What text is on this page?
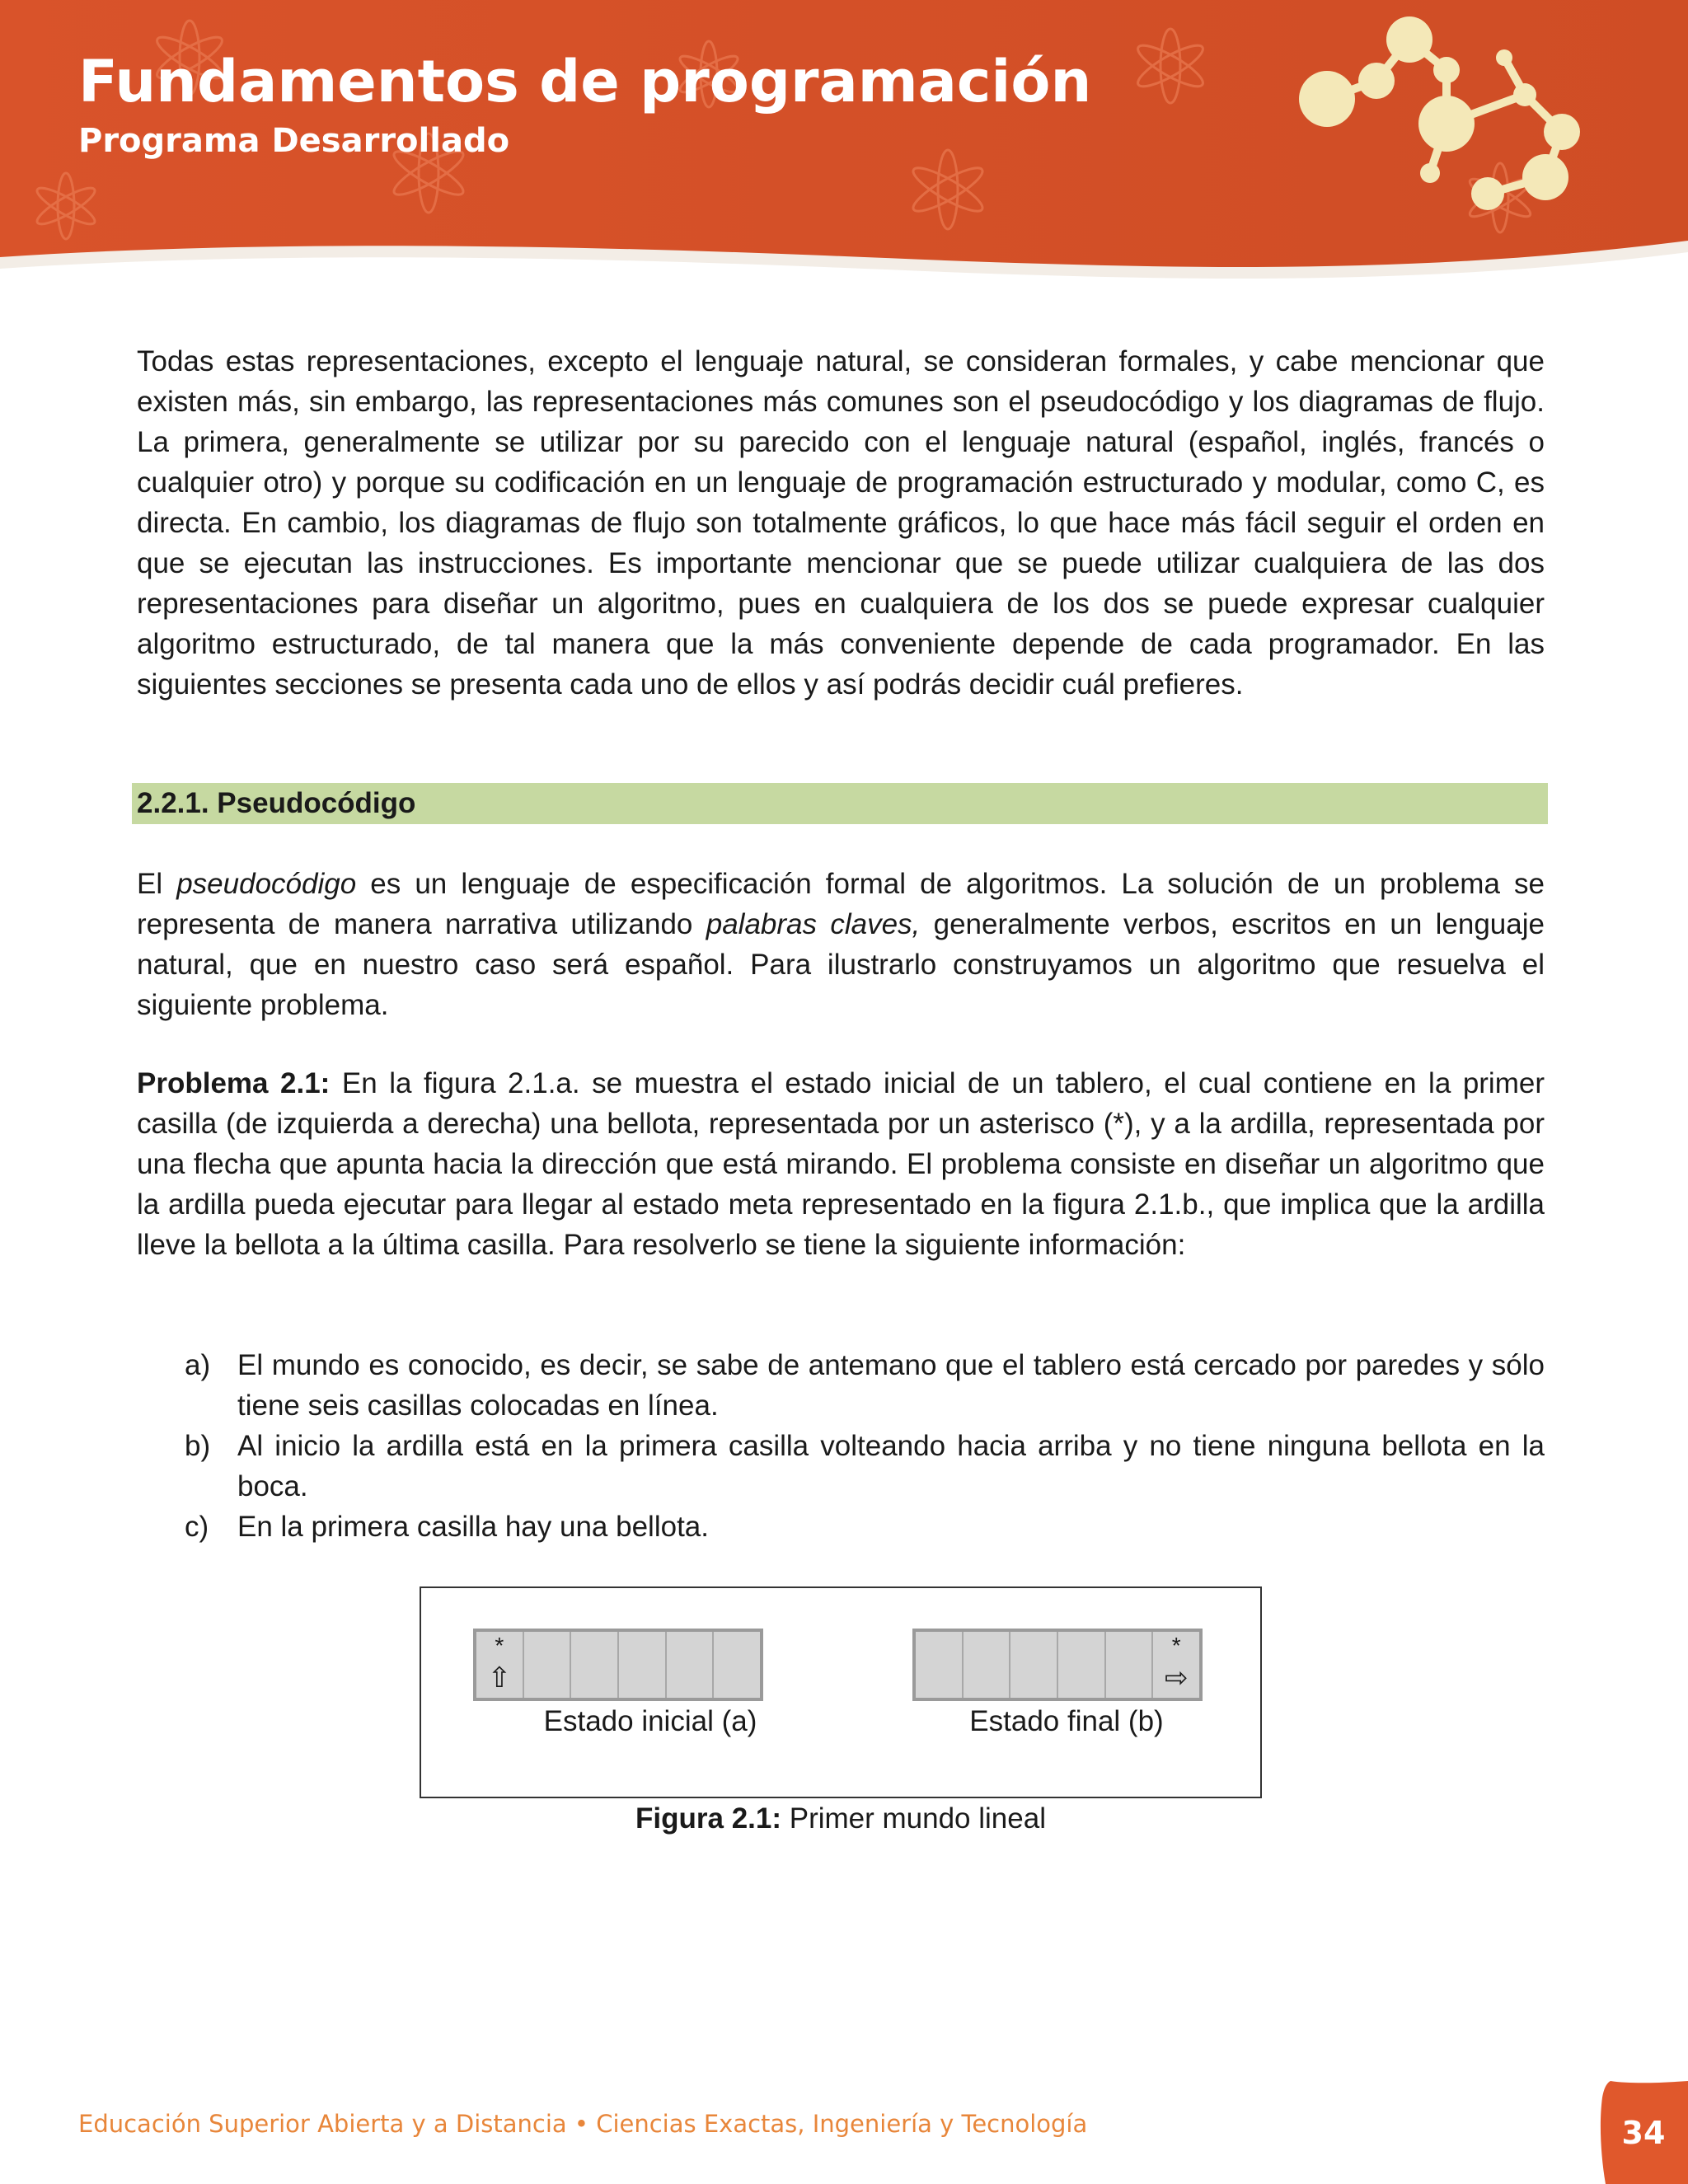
Fundamentos de programación
Programa Desarrollado

Todas estas representaciones, excepto el lenguaje natural, se consideran formales, y cabe mencionar que existen más, sin embargo, las representaciones más comunes son el pseudocódigo y los diagramas de flujo. La primera, generalmente se utilizar por su parecido con el lenguaje natural (español, inglés, francés o cualquier otro) y porque su codificación en un lenguaje de programación estructurado y modular, como C, es directa. En cambio, los diagramas de flujo son totalmente gráficos, lo que hace más fácil seguir el orden en que se ejecutan las instrucciones. Es importante mencionar que se puede utilizar cualquiera de las dos representaciones para diseñar un algoritmo, pues en cualquiera de los dos se puede expresar cualquier algoritmo estructurado, de tal manera que la más conveniente depende de cada programador. En las siguientes secciones se presenta cada uno de ellos y así podrás decidir cuál prefieres.

2.2.1. Pseudocódigo

El pseudocódigo es un lenguaje de especificación formal de algoritmos. La solución de un problema se representa de manera narrativa utilizando palabras claves, generalmente verbos, escritos en un lenguaje natural, que en nuestro caso será español. Para ilustrarlo construyamos un algoritmo que resuelva el siguiente problema.

Problema 2.1: En la figura 2.1.a. se muestra el estado inicial de un tablero, el cual contiene en la primer casilla (de izquierda a derecha) una bellota, representada por un asterisco (*), y a la ardilla, representada por una flecha que apunta hacia la dirección que está mirando. El problema consiste en diseñar un algoritmo que la ardilla pueda ejecutar para llegar al estado meta representado en la figura 2.1.b., que implica que la ardilla lleve la bellota a la última casilla. Para resolverlo se tiene la siguiente información:

a) El mundo es conocido, es decir, se sabe de antemano que el tablero está cercado por paredes y sólo tiene seis casillas colocadas en línea.
b) Al inicio la ardilla está en la primera casilla volteando hacia arriba y no tiene ninguna bellota en la boca.
c) En la primera casilla hay una bellota.
*
⇧
Estado inicial (a)
*
⇨
Estado final (b)
Figura 2.1: Primer mundo lineal
Educación Superior Abierta y a Distancia • Ciencias Exactas, Ingeniería y Tecnología	34
